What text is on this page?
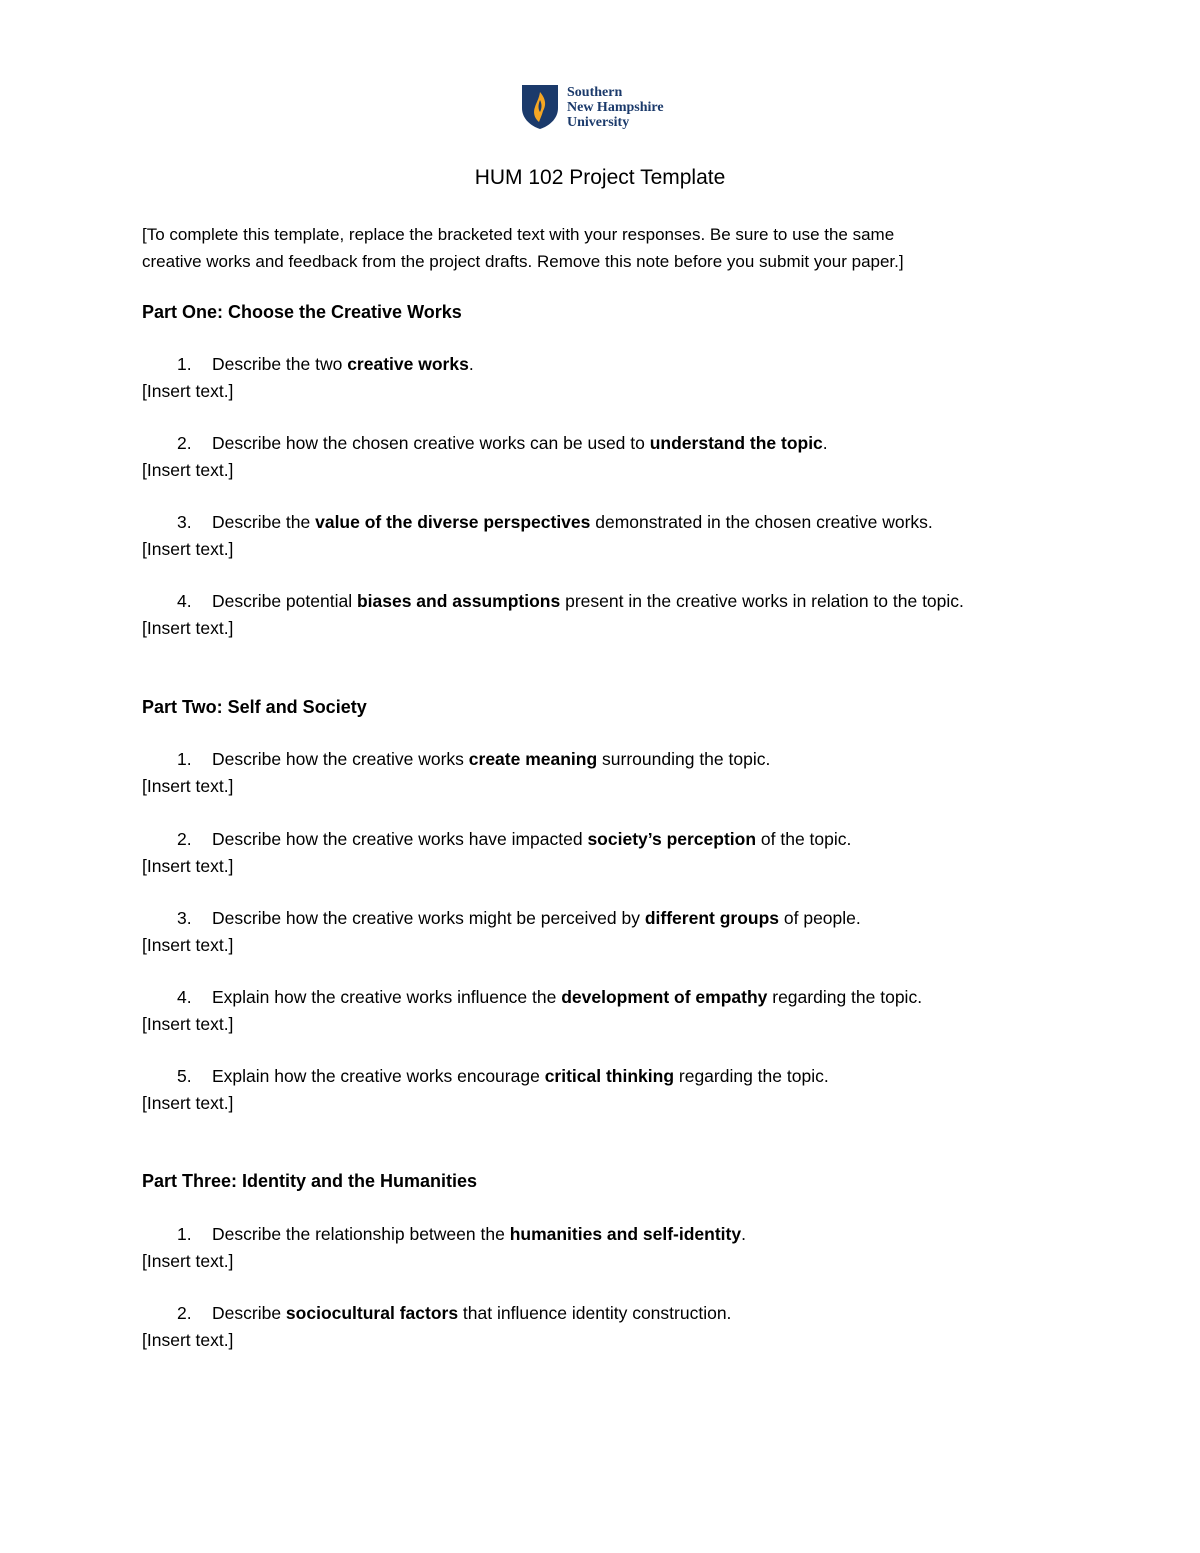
Southern
New Hampshire
University
HUM 102 Project Template
[To complete this template, replace the bracketed text with your responses. Be sure to use the same
creative works and feedback from the project drafts. Remove this note before you submit your paper.]
Part One: Choose the Creative Works
1. Describe the two creative works.
[Insert text.]
2. Describe how the chosen creative works can be used to understand the topic.
[Insert text.]
3. Describe the value of the diverse perspectives demonstrated in the chosen creative works.
[Insert text.]
4. Describe potential biases and assumptions present in the creative works in relation to the topic.
[Insert text.]
Part Two: Self and Society
1. Describe how the creative works create meaning surrounding the topic.
[Insert text.]
2. Describe how the creative works have impacted society’s perception of the topic.
[Insert text.]
3. Describe how the creative works might be perceived by different groups of people.
[Insert text.]
4. Explain how the creative works influence the development of empathy regarding the topic.
[Insert text.]
5. Explain how the creative works encourage critical thinking regarding the topic.
[Insert text.]
Part Three: Identity and the Humanities
1. Describe the relationship between the humanities and self-identity.
[Insert text.]
2. Describe sociocultural factors that influence identity construction.
[Insert text.]
